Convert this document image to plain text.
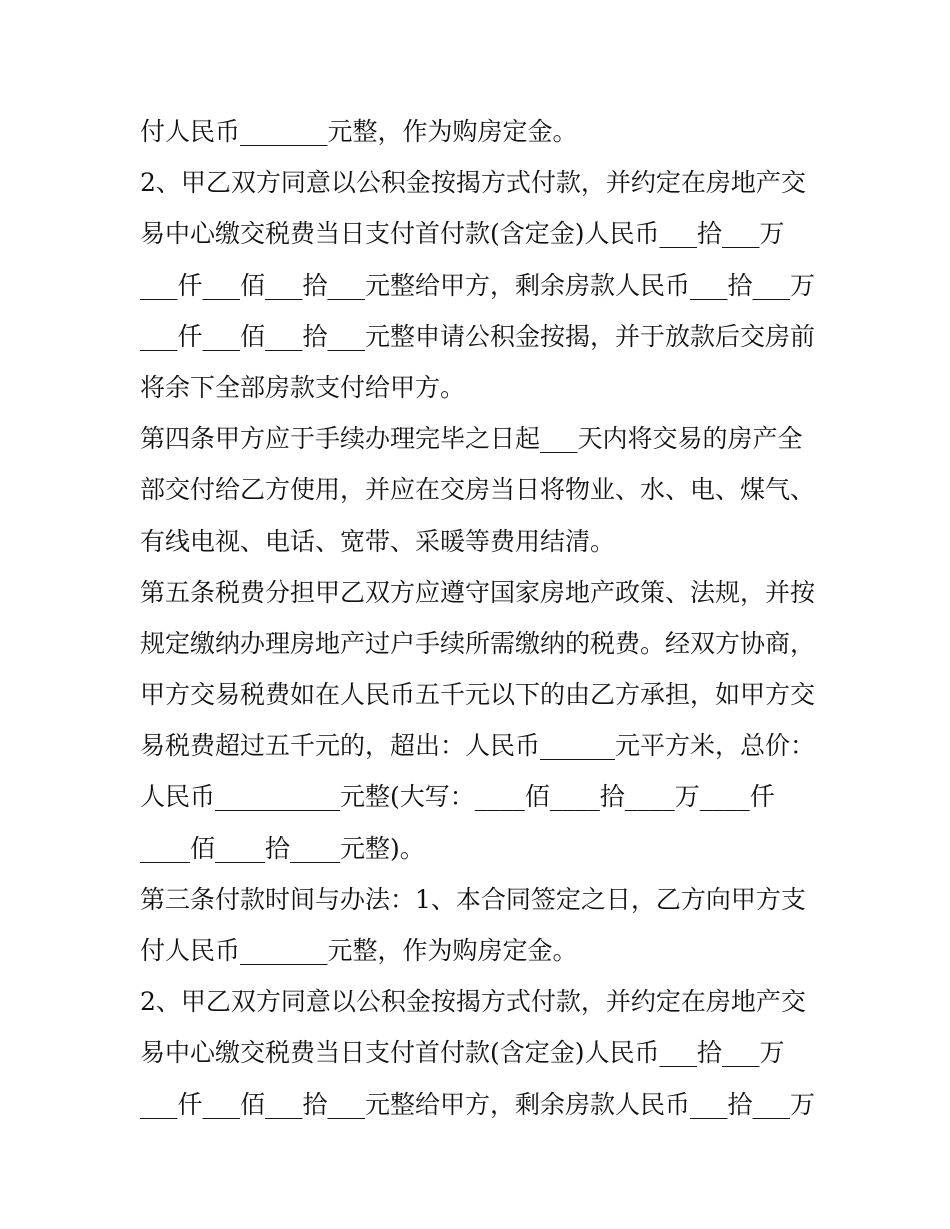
付人民币_______元整，作为购房定金。
2、甲乙双方同意以公积金按揭方式付款，并约定在房地产交
易中心缴交税费当日支付首付款(含定金)人民币___拾___万
___仟___佰___拾___元整给甲方，剩余房款人民币___拾___万
___仟___佰___拾___元整申请公积金按揭，并于放款后交房前
将余下全部房款支付给甲方。
第四条甲方应于手续办理完毕之日起___天内将交易的房产全
部交付给乙方使用，并应在交房当日将物业、水、电、煤气、
有线电视、电话、宽带、采暖等费用结清。
第五条税费分担甲乙双方应遵守国家房地产政策、法规，并按
规定缴纳办理房地产过户手续所需缴纳的税费。经双方协商，
甲方交易税费如在人民币五千元以下的由乙方承担，如甲方交
易税费超过五千元的，超出：人民币______元平方米，总价：
人民币__________元整(大写：____佰____拾____万____仟
____佰____拾____元整)。
第三条付款时间与办法：1、本合同签定之日，乙方向甲方支
付人民币_______元整，作为购房定金。
2、甲乙双方同意以公积金按揭方式付款，并约定在房地产交
易中心缴交税费当日支付首付款(含定金)人民币___拾___万
___仟___佰___拾___元整给甲方，剩余房款人民币___拾___万
